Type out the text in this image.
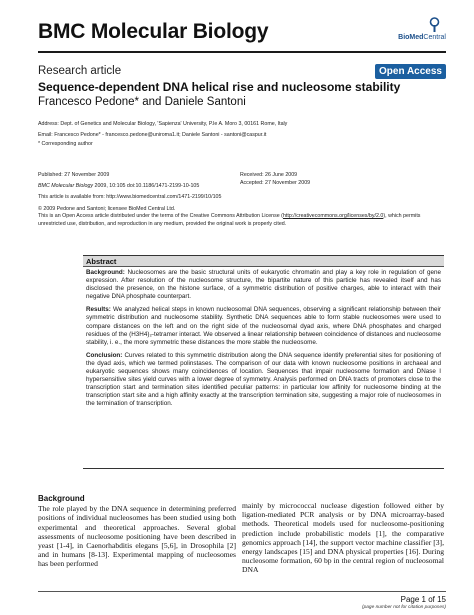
BMC Molecular Biology	BioMedCentral
Research article	Open Access
Sequence-dependent DNA helical rise and nucleosome stability
Francesco Pedone* and Daniele Santoni
Address: Dept. of Genetics and Molecular Biology, 'Sapienza' University, P.le A. Moro 3, 00161 Rome, Italy
Email: Francesco Pedone* - francesco.pedone@uniroma1.it; Daniele Santoni - santoni@caspur.it
* Corresponding author
Published: 27 November 2009
BMC Molecular Biology 2009, 10:105 doi:10.1186/1471-2199-10-105
Received: 26 June 2009
Accepted: 27 November 2009
This article is available from: http://www.biomedcentral.com/1471-2199/10/105
© 2009 Pedone and Santoni; licensee BioMed Central Ltd.
This is an Open Access article distributed under the terms of the Creative Commons Attribution License (http://creativecommons.org/licenses/by/2.0), which permits unrestricted use, distribution, and reproduction in any medium, provided the original work is properly cited.
Abstract

Background: Nucleosomes are the basic structural units of eukaryotic chromatin and play a key role in regulation of gene expression. After resolution of the nucleosome structure, the bipartite nature of this particle has revealed itself and has disclosed the presence, on the histone surface, of a symmetric distribution of positive charges, able to interact with their negative DNA phosphate counterpart.

Results: We analyzed helical steps in known nucleosomal DNA sequences, observing a significant relationship between their symmetric distribution and nucleosome stability. Synthetic DNA sequences able to form stable nucleosomes were used to compare distances on the left and on the right side of the nucleosomal dyad axis, where DNA phosphates and charged residues of the (H3H4)₂-tetramer interact. We observed a linear relationship between coincidence of distances and nucleosome stability, i. e., the more symmetric these distances the more stable the nucleosome.

Conclusion: Curves related to this symmetric distribution along the DNA sequence identify preferential sites for positioning of the dyad axis, which we termed polinstases. The comparison of our data with known nucleosome positions in archaeal and eukaryotic sequences shows many coincidences of location. Sequences that impair nucleosome formation and DNase I hypersensitive sites yield curves with a lower degree of symmetry. Analysis performed on DNA tracts of promoters close to the transcription start and termination sites identified peculiar patterns: in particular low affinity for nucleosome binding at the transcription start site and a high affinity exactly at the transcription termination site, suggesting a major role of nucleosomes in the termination of transcription.

Background
The role played by the DNA sequence in determining preferred positions of individual nucleosomes has been studied using both experimental and theoretical approaches. Several global assessments of nucleosome positioning have been described in yeast [1-4], in Caenorhabditis elegans [5,6], in Drosophila [2] and in humans [8-13]. Experimental mapping of nucleosomes has been performed
mainly by micrococcal nuclease digestion followed either by ligation-mediated PCR analysis or by DNA microarray-based methods. Theoretical models used for nucleosome-positioning prediction include probabilistic models [1], the comparative genomics approach [14], the support vector machine classifier [3], energy landscapes [15] and DNA physical properties [16]. During nucleosome formation, 60 bp in the central region of nucleosomal DNA
Page 1 of 15
(page number not for citation purposes)
